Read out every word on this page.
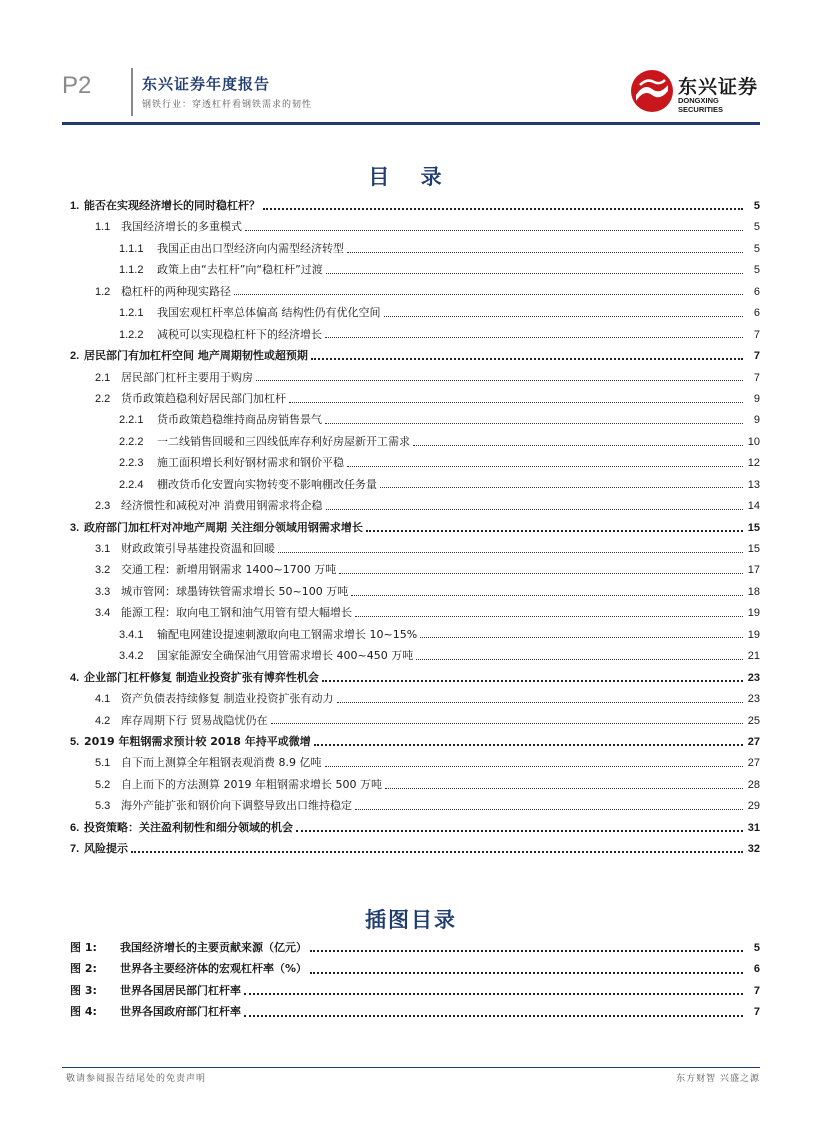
P2	东兴证券年度报告
钢铁行业：穿透杠杆看钢铁需求的韧性
东兴证券
DONGXING SECURITIES
目 录
1. 能否在实现经济增长的同时稳杠杆？	5
1.1 我国经济增长的多重模式	5
1.1.1	我国正由出口型经济向内需型经济转型	5
1.1.2	政策上由“去杠杆”向“稳杠杆”过渡	5
1.2 稳杠杆的两种现实路径	6
1.2.1	我国宏观杠杆率总体偏高 结构性仍有优化空间	6
1.2.2	减税可以实现稳杠杆下的经济增长	7
2. 居民部门有加杠杆空间 地产周期韧性或超预期	7
2.1 居民部门杠杆主要用于购房	7
2.2 货币政策趋稳利好居民部门加杠杆	9
2.2.1	货币政策趋稳维持商品房销售景气	9
2.2.2	一二线销售回暖和三四线低库存利好房屋新开工需求	10
2.2.3	施工面积增长利好钢材需求和钢价平稳	12
2.2.4	棚改货币化安置向实物转变不影响棚改任务量	13
2.3 经济惯性和减税对冲 消费用钢需求将企稳	14
3. 政府部门加杠杆对冲地产周期 关注细分领域用钢需求增长	15
3.1 财政政策引导基建投资温和回暖	15
3.2 交通工程：新增用钢需求 1400~1700 万吨	17
3.3 城市管网：球墨铸铁管需求增长 50~100 万吨	18
3.4 能源工程：取向电工钢和油气用管有望大幅增长	19
3.4.1	输配电网建设提速刺激取向电工钢需求增长 10~15%	19
3.4.2	国家能源安全确保油气用管需求增长 400~450 万吨	21
4. 企业部门杠杆修复 制造业投资扩张有博弈性机会	23
4.1 资产负债表持续修复 制造业投资扩张有动力	23
4.2 库存周期下行 贸易战隐忧仍在	25
5. 2019 年粗钢需求预计较 2018 年持平或微增	27
5.1 自下而上测算全年粗钢表观消费 8.9 亿吨	27
5.2 自上而下的方法测算 2019 年粗钢需求增长 500 万吨	28
5.3 海外产能扩张和钢价向下调整导致出口维持稳定	29
6. 投资策略：关注盈利韧性和细分领域的机会	31
7. 风险提示	32
插图目录
图 1:	我国经济增长的主要贡献来源（亿元）	5
图 2:	世界各主要经济体的宏观杠杆率（%）	6
图 3:	世界各国居民部门杠杆率	7
图 4:	世界各国政府部门杠杆率	7
敬请参阅报告结尾处的免责声明	东方财智 兴盛之源
